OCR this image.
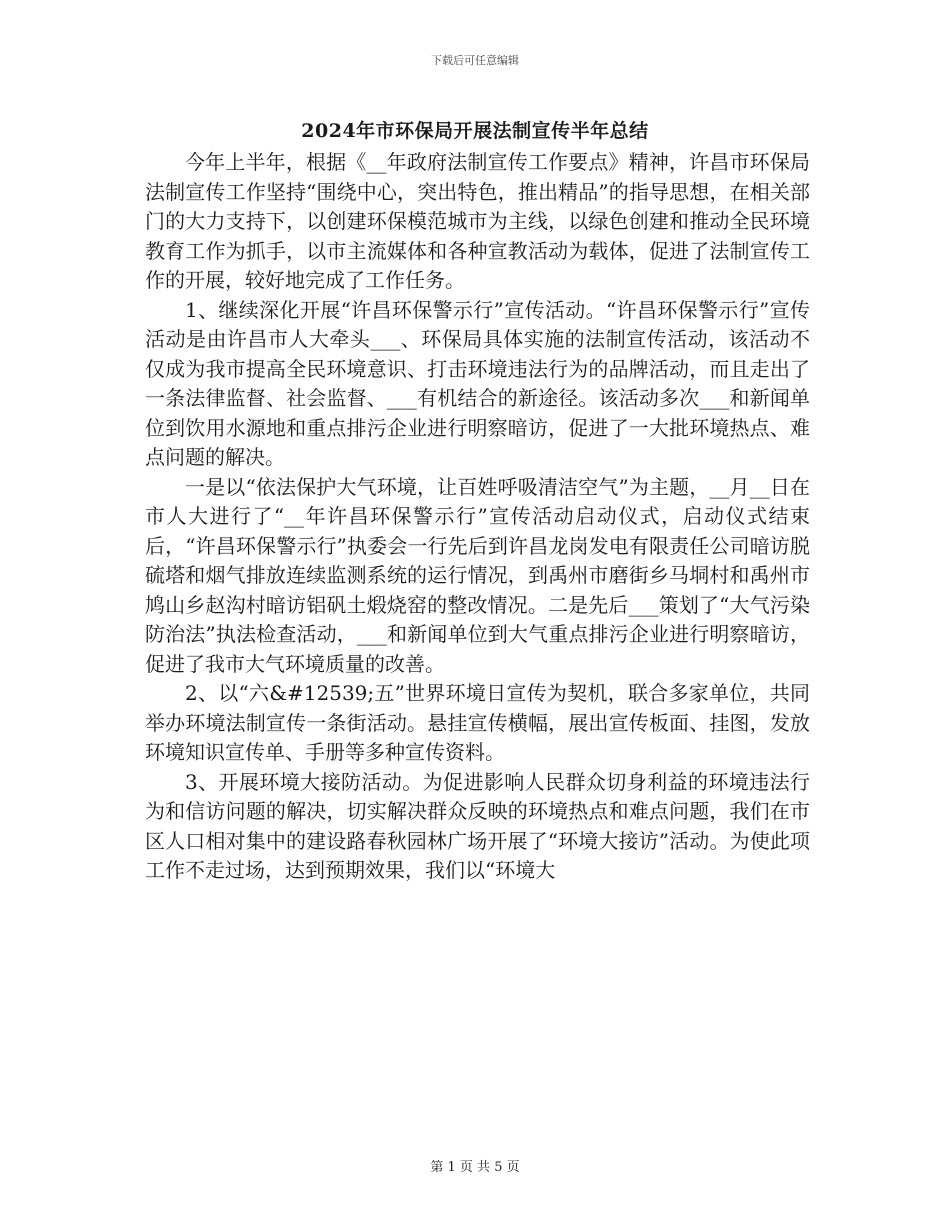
下载后可任意编辑
2024年市环保局开展法制宣传半年总结

今年上半年，根据《__年政府法制宣传工作要点》精神，许昌市环保局法制宣传工作坚持“围绕中心，突出特色，推出精品”的指导思想，在相关部门的大力支持下，以创建环保模范城市为主线，以绿色创建和推动全民环境教育工作为抓手，以市主流媒体和各种宣教活动为载体，促进了法制宣传工作的开展，较好地完成了工作任务。

1、继续深化开展“许昌环保警示行”宣传活动。“许昌环保警示行”宣传活动是由许昌市人大牵头___、环保局具体实施的法制宣传活动，该活动不仅成为我市提高全民环境意识、打击环境违法行为的品牌活动，而且走出了一条法律监督、社会监督、___有机结合的新途径。该活动多次___和新闻单位到饮用水源地和重点排污企业进行明察暗访，促进了一大批环境热点、难点问题的解决。

一是以“依法保护大气环境，让百姓呼吸清洁空气”为主题，__月__日在市人大进行了“__年许昌环保警示行”宣传活动启动仪式，启动仪式结束后，“许昌环保警示行”执委会一行先后到许昌龙岗发电有限责任公司暗访脱硫塔和烟气排放连续监测系统的运行情况，到禹州市磨街乡马垌村和禹州市鸠山乡赵沟村暗访铝矾土煅烧窑的整改情况。二是先后___策划了“大气污染防治法”执法检查活动，___和新闻单位到大气重点排污企业进行明察暗访，促进了我市大气环境质量的改善。

2、以“六&#12539;五”世界环境日宣传为契机，联合多家单位，共同举办环境法制宣传一条街活动。悬挂宣传横幅，展出宣传板面、挂图，发放环境知识宣传单、手册等多种宣传资料。

3、开展环境大接防活动。为促进影响人民群众切身利益的环境违法行为和信访问题的解决，切实解决群众反映的环境热点和难点问题，我们在市区人口相对集中的建设路春秋园林广场开展了“环境大接访”活动。为使此项工作不走过场，达到预期效果，我们以“环境大

第 1 页 共 5 页
